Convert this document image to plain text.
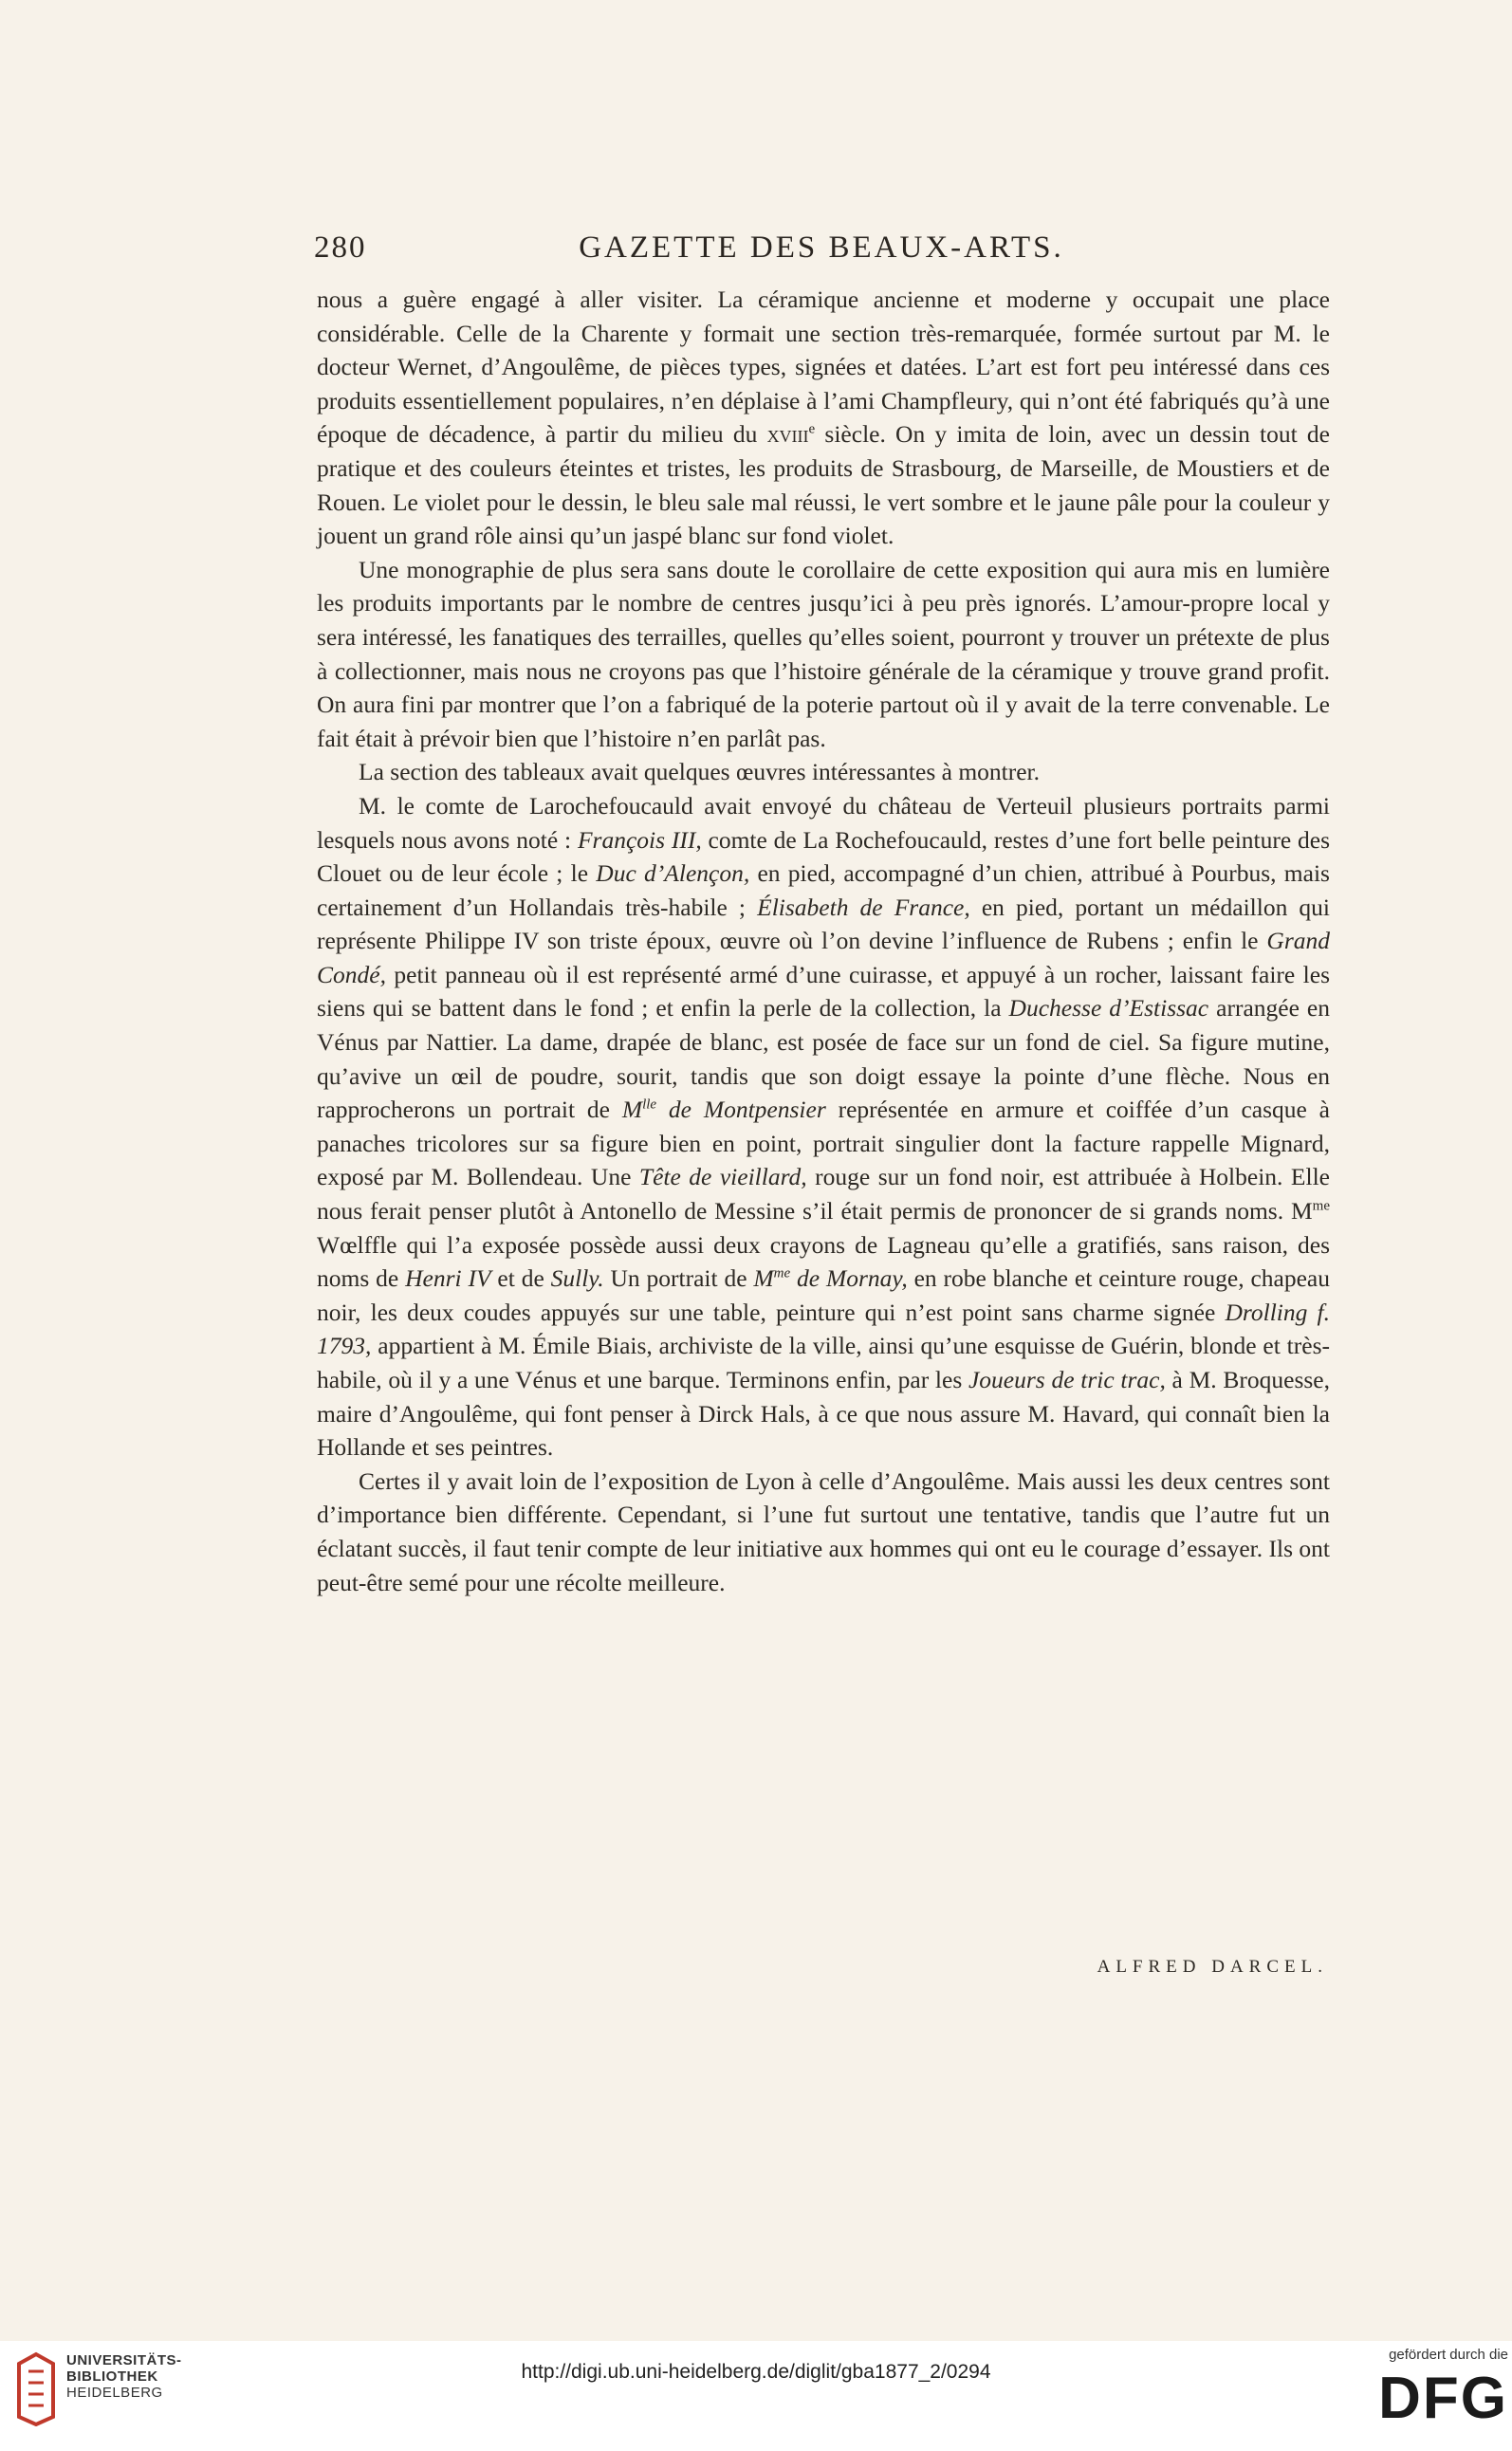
280	GAZETTE DES BEAUX-ARTS.

nous a guère engagé à aller visiter. La céramique ancienne et moderne y occupait une place considérable. Celle de la Charente y formait une section très-remarquée, formée surtout par M. le docteur Wernet, d’Angoulême, de pièces types, signées et datées. L’art est fort peu intéressé dans ces produits essentiellement populaires, n’en déplaise à l’ami Champfleury, qui n’ont été fabriqués qu’à une époque de décadence, à partir du milieu du xviii$^e$ siècle. On y imita de loin, avec un dessin tout de pratique et des couleurs éteintes et tristes, les produits de Strasbourg, de Marseille, de Moustiers et de Rouen. Le violet pour le dessin, le bleu sale mal réussi, le vert sombre et le jaune pâle pour la couleur y jouent un grand rôle ainsi qu’un jaspé blanc sur fond violet.

Une monographie de plus sera sans doute le corollaire de cette exposition qui aura mis en lumière les produits importants par le nombre de centres jusqu’ici à peu près ignorés. L’amour-propre local y sera intéressé, les fanatiques des terrailles, quelles qu’elles soient, pourront y trouver un prétexte de plus à collectionner, mais nous ne croyons pas que l’histoire générale de la céramique y trouve grand profit. On aura fini par montrer que l’on a fabriqué de la poterie partout où il y avait de la terre convenable. Le fait était à prévoir bien que l’histoire n’en parlât pas.

La section des tableaux avait quelques œuvres intéressantes à montrer.

M. le comte de Larochefoucauld avait envoyé du château de Verteuil plusieurs portraits parmi lesquels nous avons noté : François III, comte de La Rochefoucauld, restes d’une fort belle peinture des Clouet ou de leur école ; le Duc d’Alençon, en pied, accompagné d’un chien, attribué à Pourbus, mais certainement d’un Hollandais très-habile ; Élisabeth de France, en pied, portant un médaillon qui représente Philippe IV son triste époux, œuvre où l’on devine l’influence de Rubens ; enfin le Grand Condé, petit panneau où il est représenté armé d’une cuirasse, et appuyé à un rocher, laissant faire les siens qui se battent dans le fond ; et enfin la perle de la collection, la Duchesse d’Estissac arrangée en Vénus par Nattier. La dame, drapée de blanc, est posée de face sur un fond de ciel. Sa figure mutine, qu’avive un œil de poudre, sourit, tandis que son doigt essaye la pointe d’une flèche. Nous en rapprocherons un portrait de $M^{lle}$ de Montpensier représentée en armure et coiffée d’un casque à panaches tricolores sur sa figure bien en point, portrait singulier dont la facture rappelle Mignard, exposé par M. Bollendeau. Une Tête de vieillard, rouge sur un fond noir, est attribuée à Holbein. Elle nous ferait penser plutôt à Antonello de Messine s’il était permis de prononcer de si grands noms. $M^{me}$ Wœlffle qui l’a exposée possède aussi deux crayons de Lagneau qu’elle a gratifiés, sans raison, des noms de Henri IV et de Sully. Un portrait de $M^{me}$ de Mornay, en robe blanche et ceinture rouge, chapeau noir, les deux coudes appuyés sur une table, peinture qui n’est point sans charme signée Drolling f. 1793, appartient à M. Émile Biais, archiviste de la ville, ainsi qu’une esquisse de Guérin, blonde et très-habile, où il y a une Vénus et une barque. Terminons enfin, par les Joueurs de tric trac, à M. Broquesse, maire d’Angoulême, qui font penser à Dirck Hals, à ce que nous assure M. Havard, qui connaît bien la Hollande et ses peintres.

Certes il y avait loin de l’exposition de Lyon à celle d’Angoulême. Mais aussi les deux centres sont d’importance bien différente. Cependant, si l’une fut surtout une tentative, tandis que l’autre fut un éclatant succès, il faut tenir compte de leur initiative aux hommes qui ont eu le courage d’essayer. Ils ont peut-être semé pour une récolte meilleure.

ALFRED DARCEL.
UNIVERSITÄTS-
BIBLIOTHEK
HEIDELBERG
http://digi.ub.uni-heidelberg.de/diglit/gba1877_2/0294
gefördert durch die
DFG
